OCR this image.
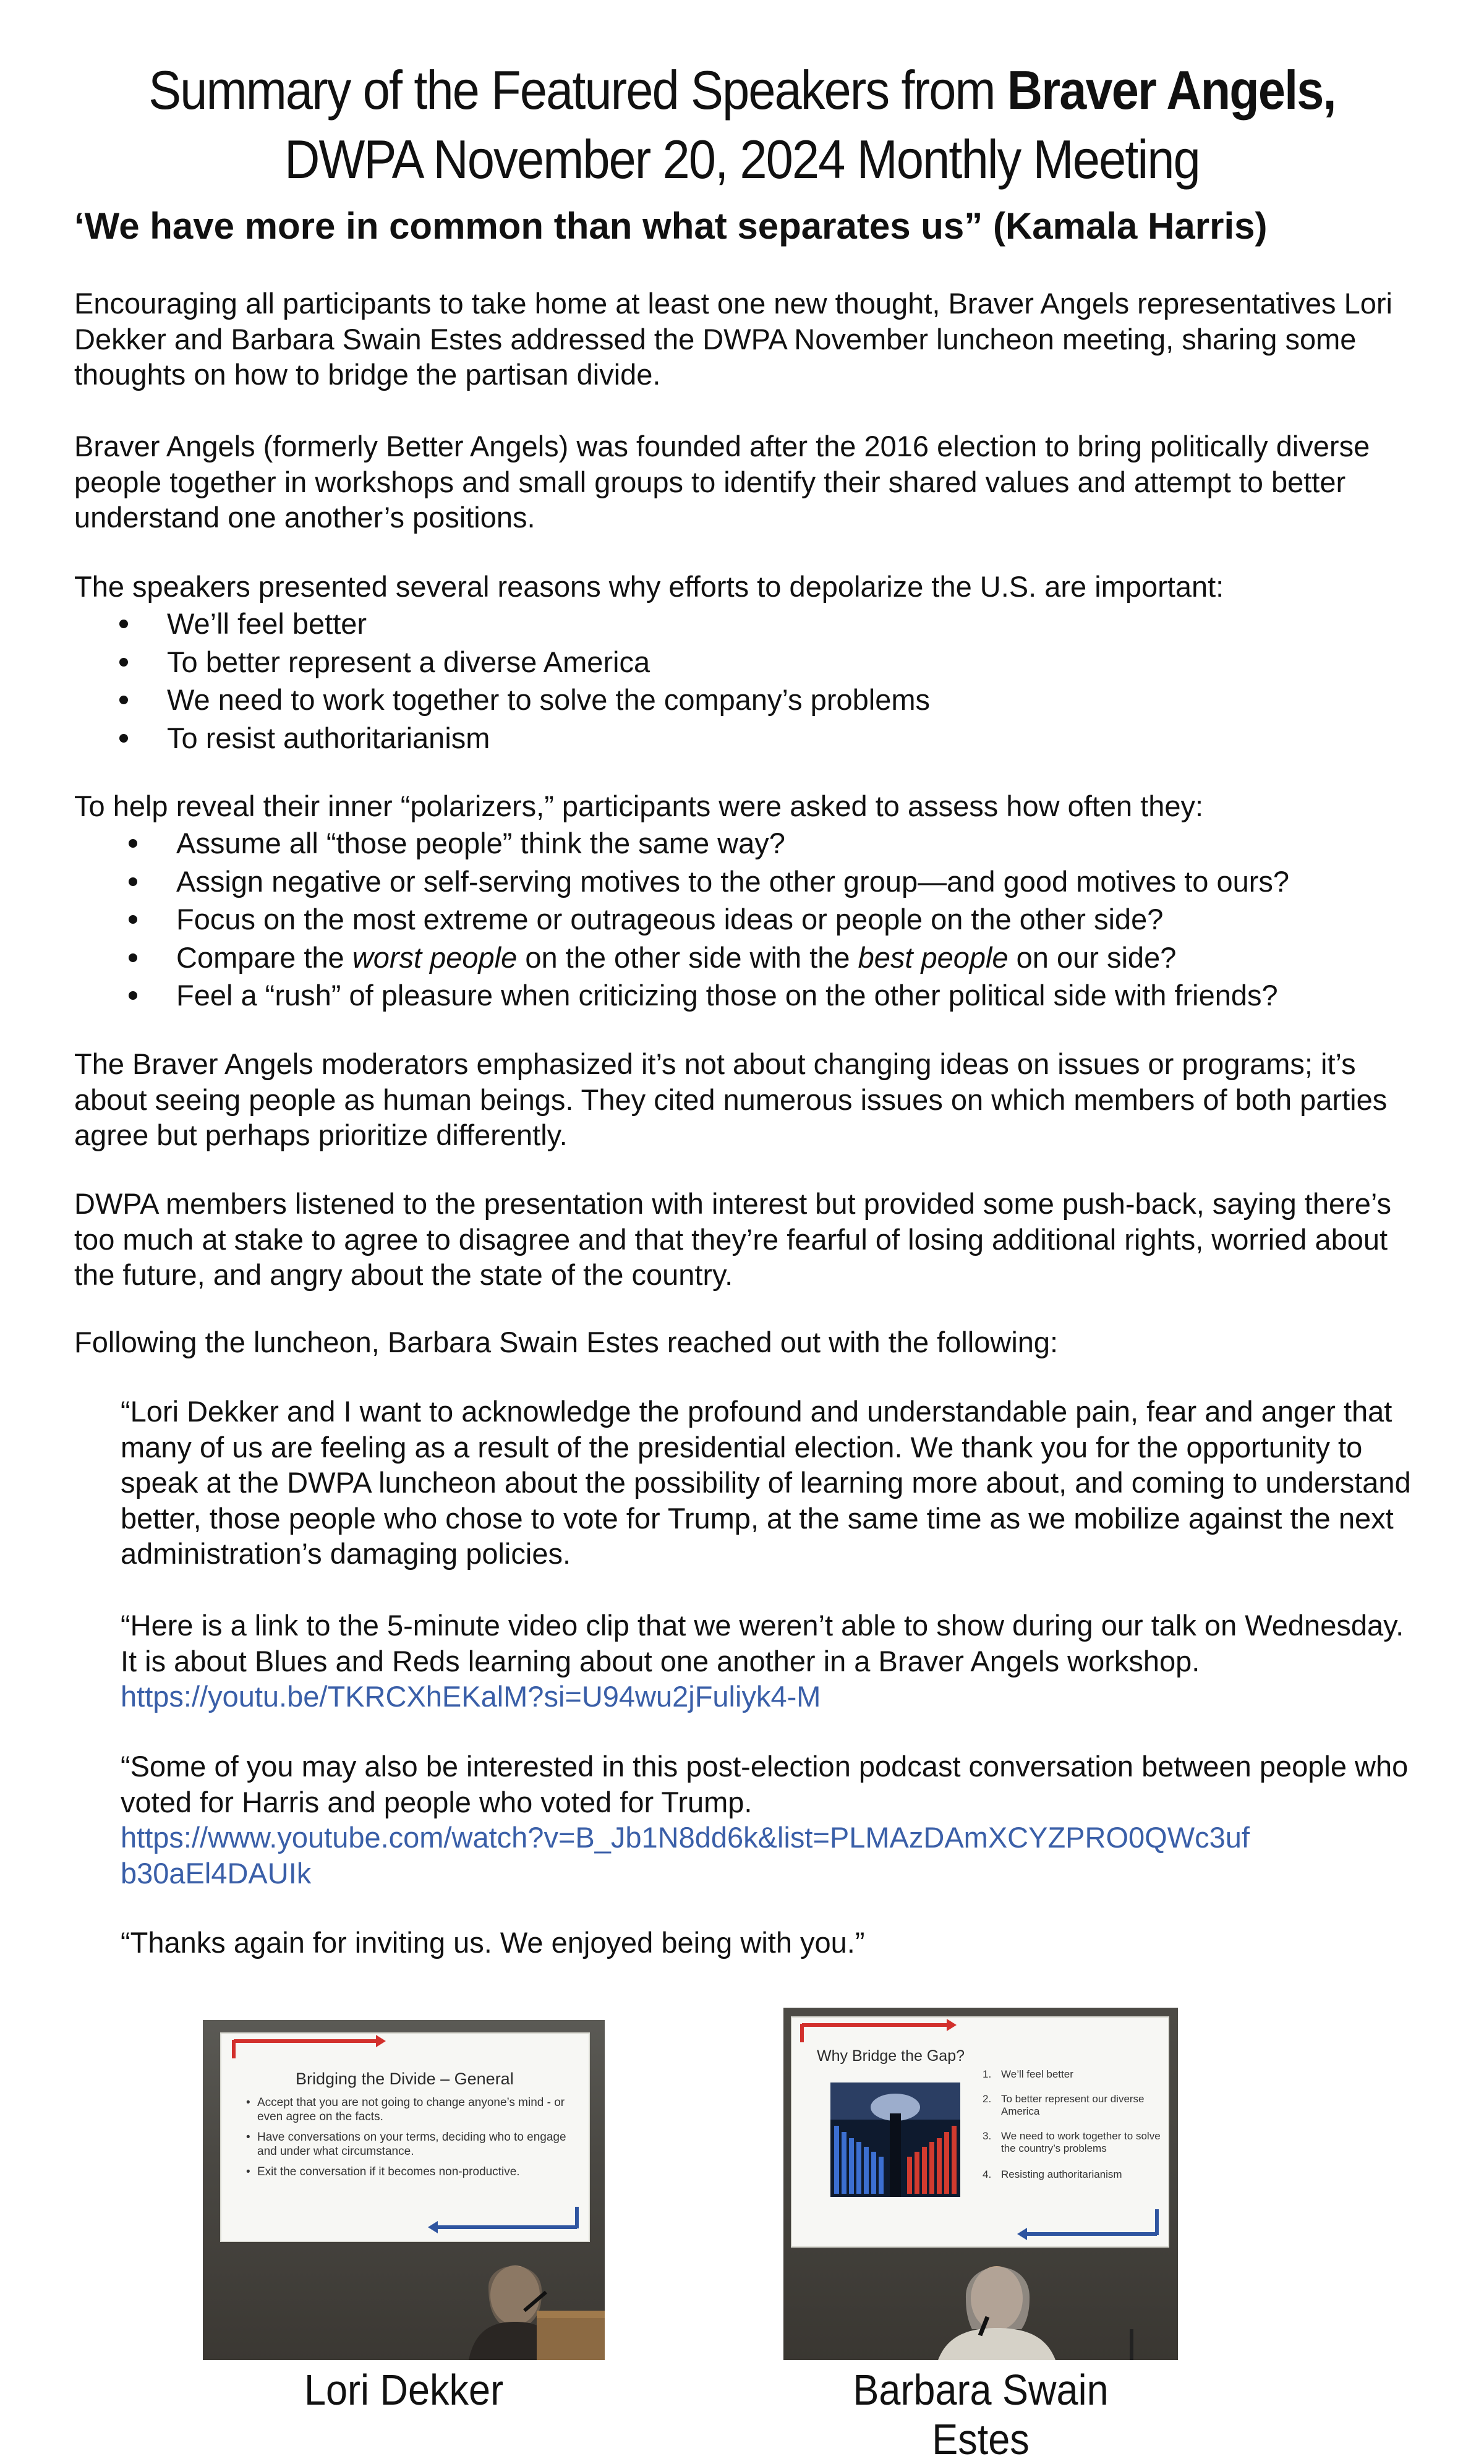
Summary of the Featured Speakers from Braver Angels,
DWPA November 20, 2024 Monthly Meeting
‘We have more in common than what separates us” (Kamala Harris)

Encouraging all participants to take home at least one new thought, Braver Angels representatives Lori Dekker and Barbara Swain Estes addressed the DWPA November luncheon meeting, sharing some thoughts on how to bridge the partisan divide.

Braver Angels (formerly Better Angels) was founded after the 2016 election to bring politically diverse people together in workshops and small groups to identify their shared values and attempt to better understand one another’s positions.

The speakers presented several reasons why efforts to depolarize the U.S. are important:

We’ll feel better
To better represent a diverse America
We need to work together to solve the company’s problems
To resist authoritarianism

To help reveal their inner “polarizers,” participants were asked to assess how often they:

Assume all “those people” think the same way?
Assign negative or self-serving motives to the other group—and good motives to ours?
Focus on the most extreme or outrageous ideas or people on the other side?
Compare the worst people on the other side with the best people on our side?
Feel a “rush” of pleasure when criticizing those on the other political side with friends?

The Braver Angels moderators emphasized it’s not about changing ideas on issues or programs; it’s about seeing people as human beings. They cited numerous issues on which members of both parties agree but perhaps prioritize differently.

DWPA members listened to the presentation with interest but provided some push-back, saying there’s too much at stake to agree to disagree and that they’re fearful of losing additional rights, worried about the future, and angry about the state of the country.

Following the luncheon, Barbara Swain Estes reached out with the following:

“Lori Dekker and I want to acknowledge the profound and understandable pain, fear and anger that many of us are feeling as a result of the presidential election. We thank you for the opportunity to speak at the DWPA luncheon about the possibility of learning more about, and coming to understand better, those people who chose to vote for Trump, at the same time as we mobilize against the next administration’s damaging policies.
“Here is a link to the 5-minute video clip that we weren’t able to show during our talk on Wednesday. It is about Blues and Reds learning about one another in a Braver Angels workshop. https://youtu.be/TKRCXhEKalM?si=U94wu2jFuliyk4-M
“Some of you may also be interested in this post-election podcast conversation between people who voted for Harris and people who voted for Trump.
https://www.youtube.com/watch?v=B_Jb1N8dd6k&list=PLMAzDAmXCYZPRO0QWc3uf
b30aEl4DAUIk
“Thanks again for inviting us. We enjoyed being with you.”
Bridging the Divide – General
• Accept that you are not going to change anyone’s mind - or even agree on the facts.
• Have conversations on your terms, deciding who to engage and under what circumstance.
• Exit the conversation if it becomes non-productive.
Lori Dekker
Why Bridge the Gap?
1. We’ll feel better
2. To better represent our diverse America
3. We need to work together to solve the country’s problems
4. Resisting authoritarianism
Barbara Swain Estes
